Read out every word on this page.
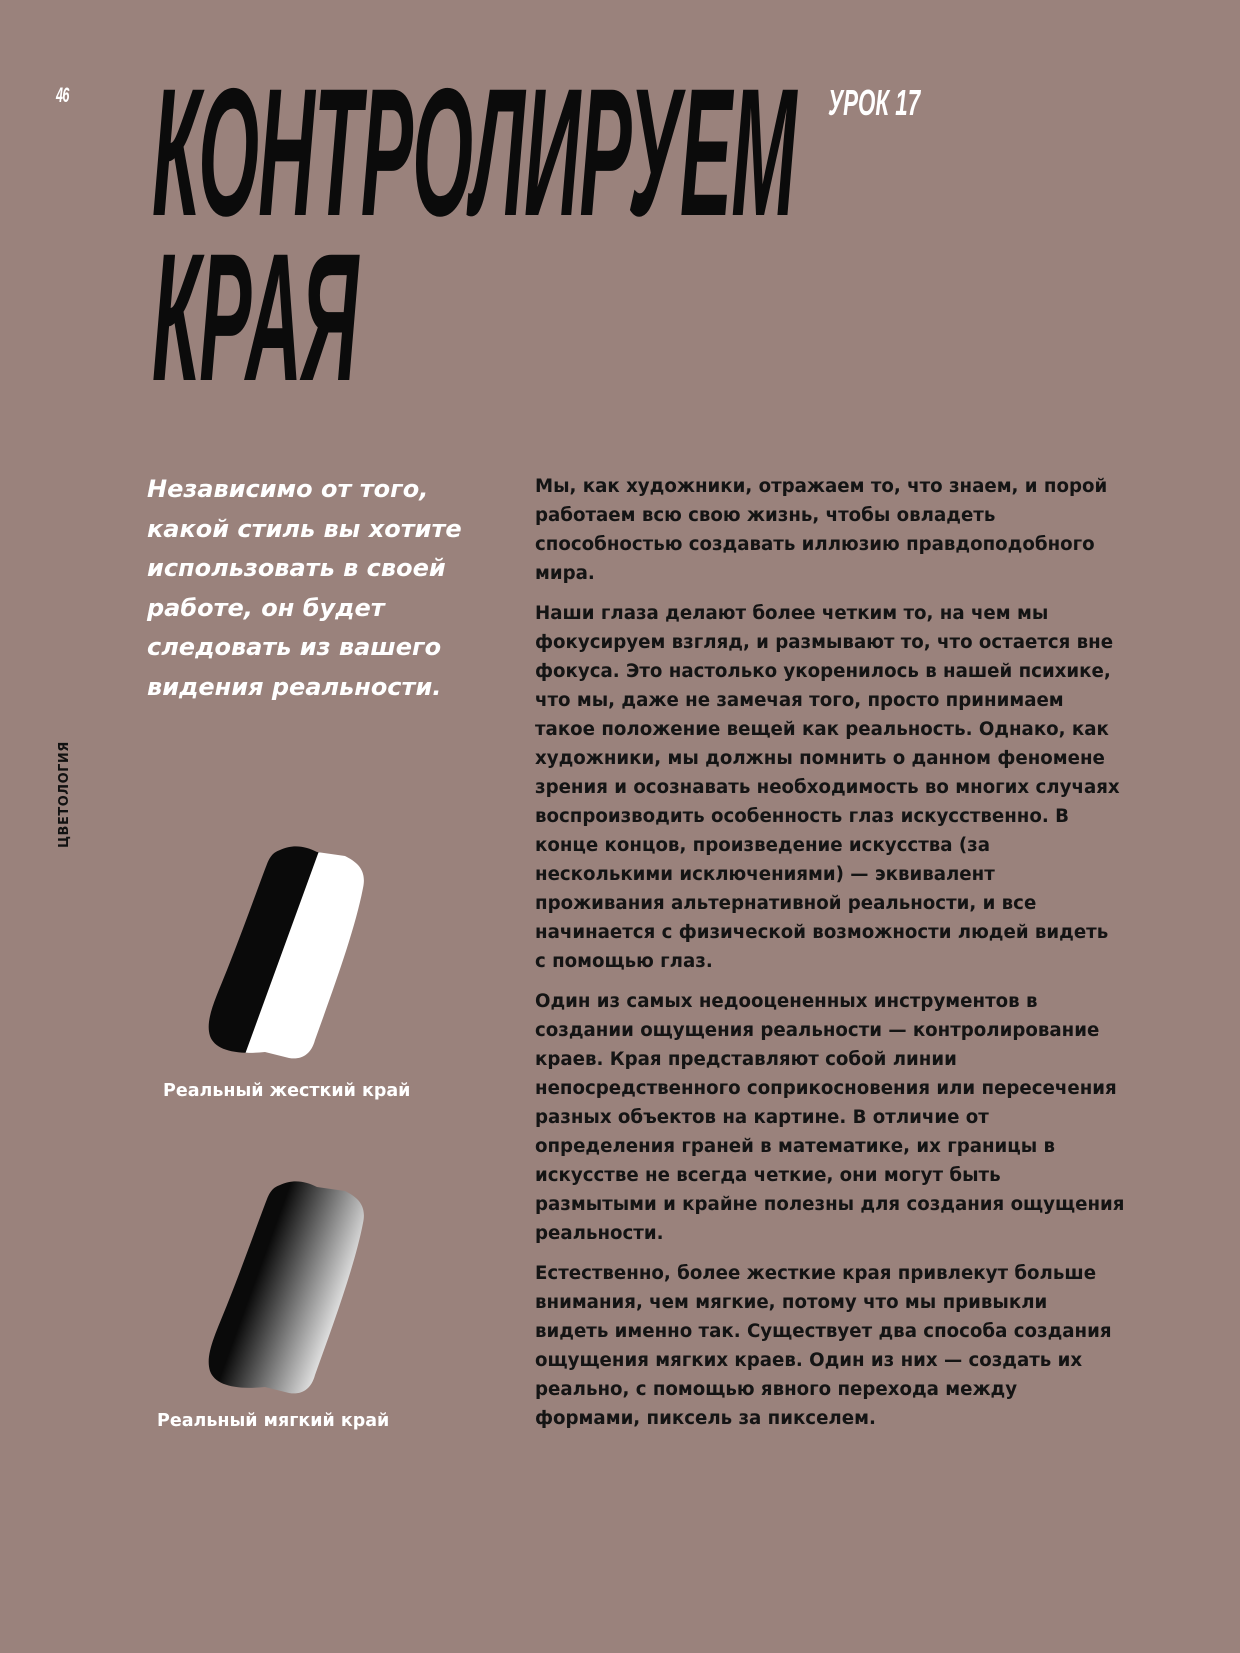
46 КОНТРОЛИРУЕМ
КРАЯ
УРОК 17
ЦВЕТОЛОГИЯ

Независимо от того, какой стиль вы хотите использовать в своей работе, он будет следовать из вашего видения реальности.

Мы, как художники, отражаем то, что знаем, и порой работаем всю свою жизнь, чтобы овладеть способностью создавать иллюзию правдоподобного мира.

Наши глаза делают более четким то, на чем мы фокусируем взгляд, и размывают то, что остается вне фокуса. Это настолько укоренилось в нашей психике, что мы, даже не замечая того, просто принимаем такое положение вещей как реальность. Однако, как художники, мы должны помнить о данном феномене зрения и осознавать необходимость во многих случаях воспроизводить особенность глаз искусственно. В конце концов, произведение искусства (за несколькими исключениями) — эквивалент проживания альтернативной реальности, и все начинается с физической возможности людей видеть с помощью глаз.

Один из самых недооцененных инструментов в создании ощущения реальности — контролирование краев. Края представляют собой линии непосредственного соприкосновения или пересечения разных объектов на картине. В отличие от определения граней в математике, их границы в искусстве не всегда четкие, они могут быть размытыми и крайне полезны для создания ощущения реальности.

Естественно, более жесткие края привлекут больше внимания, чем мягкие, потому что мы привыкли видеть именно так. Существует два способа создания ощущения мягких краев. Один из них — создать их реально, с помощью явного перехода между формами, пиксель за пикселем.

Реальный жесткий край
Реальный мягкий край
